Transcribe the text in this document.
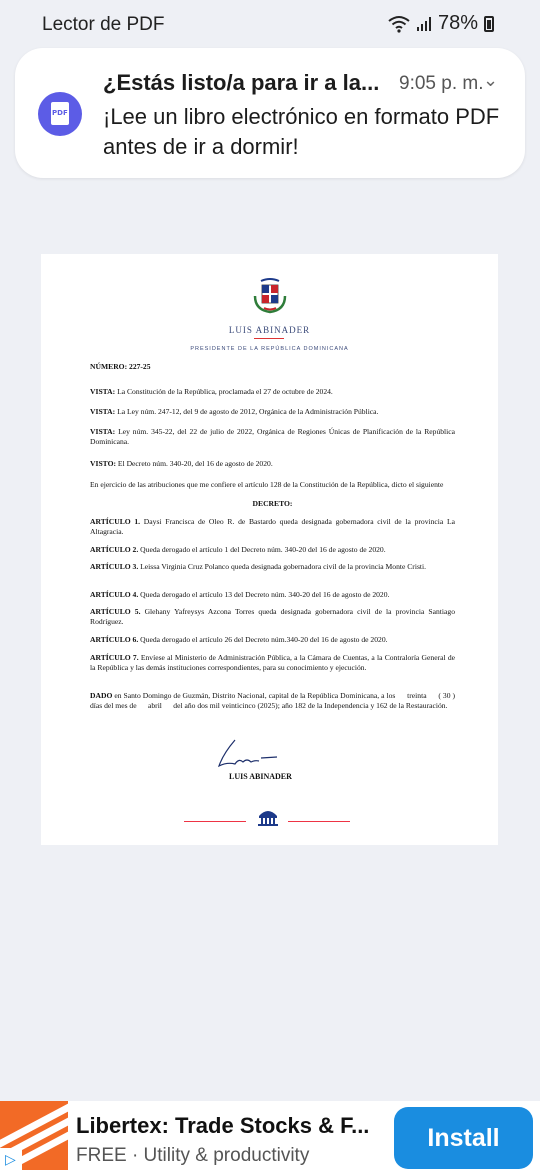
Lector de PDF	78%
PDF
¿Estás listo/a para ir a la... 9:05 p. m. ⌄
¡Lee un libro electrónico en formato PDF antes de ir a dormir!
LUIS ABINADER
PRESIDENTE DE LA REPÚBLICA DOMINICANA
NÚMERO: 227-25
VISTA: La Constitución de la República, proclamada el 27 de octubre de 2024.
VISTA: La Ley núm. 247-12, del 9 de agosto de 2012, Orgánica de la Administración Pública.
VISTA: Ley núm. 345-22, del 22 de julio de 2022, Orgánica de Regiones Únicas de Planificación de la República Dominicana.
VISTO: El Decreto núm. 340-20, del 16 de agosto de 2020.
En ejercicio de las atribuciones que me confiere el artículo 128 de la Constitución de la República, dicto el siguiente
DECRETO:
ARTÍCULO 1. Daysi Francisca de Oleo R. de Bastardo queda designada gobernadora civil de la provincia La Altagracia.
ARTÍCULO 2. Queda derogado el artículo 1 del Decreto núm. 340-20 del 16 de agosto de 2020.
ARTÍCULO 3. Leissa Virginia Cruz Polanco queda designada gobernadora civil de la provincia Monte Cristi.
ARTÍCULO 4. Queda derogado el artículo 13 del Decreto núm. 340-20 del 16 de agosto de 2020.
ARTÍCULO 5. Glehany Yafreysys Azcona Torres queda designada gobernadora civil de la provincia Santiago Rodríguez.
ARTÍCULO 6. Queda derogado el artículo 26 del Decreto núm.340-20 del 16 de agosto de 2020.
ARTÍCULO 7. Envíese al Ministerio de Administración Pública, a la Cámara de Cuentas, a la Contraloría General de la República y las demás instituciones correspondientes, para su conocimiento y ejecución.
DADO en Santo Domingo de Guzmán, Distrito Nacional, capital de la República Dominicana, a los      treinta      ( 30 ) días del mes de      abril      del año dos mil veinticinco (2025); año 182 de la Independencia y 162 de la Restauración.
LUIS ABINADER
▷
Libertex: Trade Stocks & F...
FREE · Utility & productivity
Install
